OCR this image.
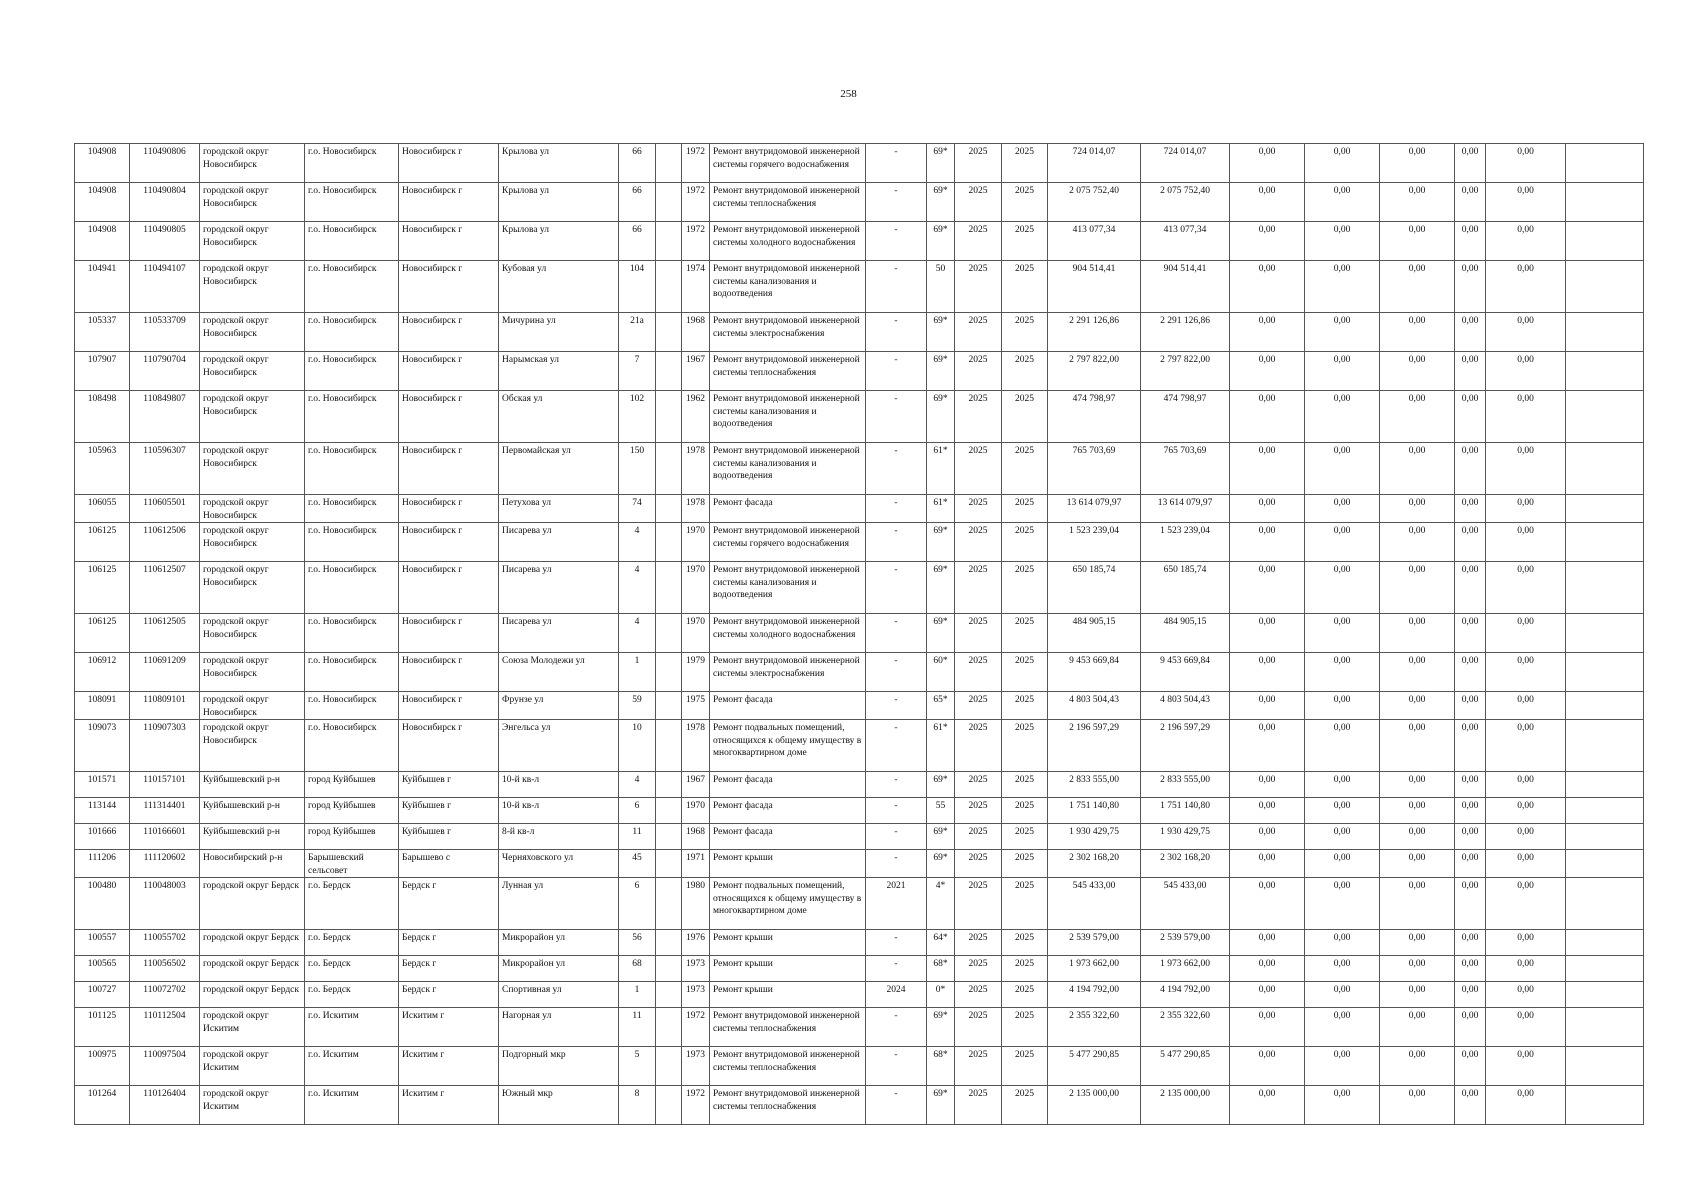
258
104908	110490806	городской округ Новосибирск	г.о. Новосибирск	Новосибирск г	Крылова ул	66		1972	Ремонт внутридомовой инженерной системы горячего водоснабжения	-	69*	2025	2025	724 014,07	724 014,07	0,00	0,00	0,00	0,00	0,00	
104908	110490804	городской округ Новосибирск	г.о. Новосибирск	Новосибирск г	Крылова ул	66		1972	Ремонт внутридомовой инженерной системы теплоснабжения	-	69*	2025	2025	2 075 752,40	2 075 752,40	0,00	0,00	0,00	0,00	0,00	
104908	110490805	городской округ Новосибирск	г.о. Новосибирск	Новосибирск г	Крылова ул	66		1972	Ремонт внутридомовой инженерной системы холодного водоснабжения	-	69*	2025	2025	413 077,34	413 077,34	0,00	0,00	0,00	0,00	0,00	
104941	110494107	городской округ Новосибирск	г.о. Новосибирск	Новосибирск г	Кубовая ул	104		1974	Ремонт внутридомовой инженерной системы канализования и водоотведения	-	50	2025	2025	904 514,41	904 514,41	0,00	0,00	0,00	0,00	0,00	
105337	110533709	городской округ Новосибирск	г.о. Новосибирск	Новосибирск г	Мичурина ул	21а		1968	Ремонт внутридомовой инженерной системы электроснабжения	-	69*	2025	2025	2 291 126,86	2 291 126,86	0,00	0,00	0,00	0,00	0,00	
107907	110790704	городской округ Новосибирск	г.о. Новосибирск	Новосибирск г	Нарымская ул	7		1967	Ремонт внутридомовой инженерной системы теплоснабжения	-	69*	2025	2025	2 797 822,00	2 797 822,00	0,00	0,00	0,00	0,00	0,00	
108498	110849807	городской округ Новосибирск	г.о. Новосибирск	Новосибирск г	Обская ул	102		1962	Ремонт внутридомовой инженерной системы канализования и водоотведения	-	69*	2025	2025	474 798,97	474 798,97	0,00	0,00	0,00	0,00	0,00	
105963	110596307	городской округ Новосибирск	г.о. Новосибирск	Новосибирск г	Первомайская ул	150		1978	Ремонт внутридомовой инженерной системы канализования и водоотведения	-	61*	2025	2025	765 703,69	765 703,69	0,00	0,00	0,00	0,00	0,00	
106055	110605501	городской округ Новосибирск	г.о. Новосибирск	Новосибирск г	Петухова ул	74		1978	Ремонт фасада	-	61*	2025	2025	13 614 079,97	13 614 079,97	0,00	0,00	0,00	0,00	0,00	
106125	110612506	городской округ Новосибирск	г.о. Новосибирск	Новосибирск г	Писарева ул	4		1970	Ремонт внутридомовой инженерной системы горячего водоснабжения	-	69*	2025	2025	1 523 239,04	1 523 239,04	0,00	0,00	0,00	0,00	0,00	
106125	110612507	городской округ Новосибирск	г.о. Новосибирск	Новосибирск г	Писарева ул	4		1970	Ремонт внутридомовой инженерной системы канализования и водоотведения	-	69*	2025	2025	650 185,74	650 185,74	0,00	0,00	0,00	0,00	0,00	
106125	110612505	городской округ Новосибирск	г.о. Новосибирск	Новосибирск г	Писарева ул	4		1970	Ремонт внутридомовой инженерной системы холодного водоснабжения	-	69*	2025	2025	484 905,15	484 905,15	0,00	0,00	0,00	0,00	0,00	
106912	110691209	городской округ Новосибирск	г.о. Новосибирск	Новосибирск г	Союза Молодежи ул	1		1979	Ремонт внутридомовой инженерной системы электроснабжения	-	60*	2025	2025	9 453 669,84	9 453 669,84	0,00	0,00	0,00	0,00	0,00	
108091	110809101	городской округ Новосибирск	г.о. Новосибирск	Новосибирск г	Фрунзе ул	59		1975	Ремонт фасада	-	65*	2025	2025	4 803 504,43	4 803 504,43	0,00	0,00	0,00	0,00	0,00	
109073	110907303	городской округ Новосибирск	г.о. Новосибирск	Новосибирск г	Энгельса ул	10		1978	Ремонт подвальных помещений, относящихся к общему имуществу в многоквартирном доме	-	61*	2025	2025	2 196 597,29	2 196 597,29	0,00	0,00	0,00	0,00	0,00	
101571	110157101	Куйбышевский р-н	город Куйбышев	Куйбышев г	10-й кв-л	4		1967	Ремонт фасада	-	69*	2025	2025	2 833 555,00	2 833 555,00	0,00	0,00	0,00	0,00	0,00	
113144	111314401	Куйбышевский р-н	город Куйбышев	Куйбышев г	10-й кв-л	6		1970	Ремонт фасада	-	55	2025	2025	1 751 140,80	1 751 140,80	0,00	0,00	0,00	0,00	0,00	
101666	110166601	Куйбышевский р-н	город Куйбышев	Куйбышев г	8-й кв-л	11		1968	Ремонт фасада	-	69*	2025	2025	1 930 429,75	1 930 429,75	0,00	0,00	0,00	0,00	0,00	
111206	111120602	Новосибирский р-н	Барышевский сельсовет	Барышево с	Черняховского ул	45		1971	Ремонт крыши	-	69*	2025	2025	2 302 168,20	2 302 168,20	0,00	0,00	0,00	0,00	0,00	
100480	110048003	городской округ Бердск	г.о. Бердск	Бердск г	Лунная ул	6		1980	Ремонт подвальных помещений, относящихся к общему имуществу в многоквартирном доме	2021	4*	2025	2025	545 433,00	545 433,00	0,00	0,00	0,00	0,00	0,00	
100557	110055702	городской округ Бердск	г.о. Бердск	Бердск г	Микрорайон ул	56		1976	Ремонт крыши	-	64*	2025	2025	2 539 579,00	2 539 579,00	0,00	0,00	0,00	0,00	0,00	
100565	110056502	городской округ Бердск	г.о. Бердск	Бердск г	Микрорайон ул	68		1973	Ремонт крыши	-	68*	2025	2025	1 973 662,00	1 973 662,00	0,00	0,00	0,00	0,00	0,00	
100727	110072702	городской округ Бердск	г.о. Бердск	Бердск г	Спортивная ул	1		1973	Ремонт крыши	2024	0*	2025	2025	4 194 792,00	4 194 792,00	0,00	0,00	0,00	0,00	0,00	
101125	110112504	городской округ Искитим	г.о. Искитим	Искитим г	Нагорная ул	11		1972	Ремонт внутридомовой инженерной системы теплоснабжения	-	69*	2025	2025	2 355 322,60	2 355 322,60	0,00	0,00	0,00	0,00	0,00	
100975	110097504	городской округ Искитим	г.о. Искитим	Искитим г	Подгорный мкр	5		1973	Ремонт внутридомовой инженерной системы теплоснабжения	-	68*	2025	2025	5 477 290,85	5 477 290,85	0,00	0,00	0,00	0,00	0,00	
101264	110126404	городской округ Искитим	г.о. Искитим	Искитим г	Южный мкр	8		1972	Ремонт внутридомовой инженерной системы теплоснабжения	-	69*	2025	2025	2 135 000,00	2 135 000,00	0,00	0,00	0,00	0,00	0,00	
